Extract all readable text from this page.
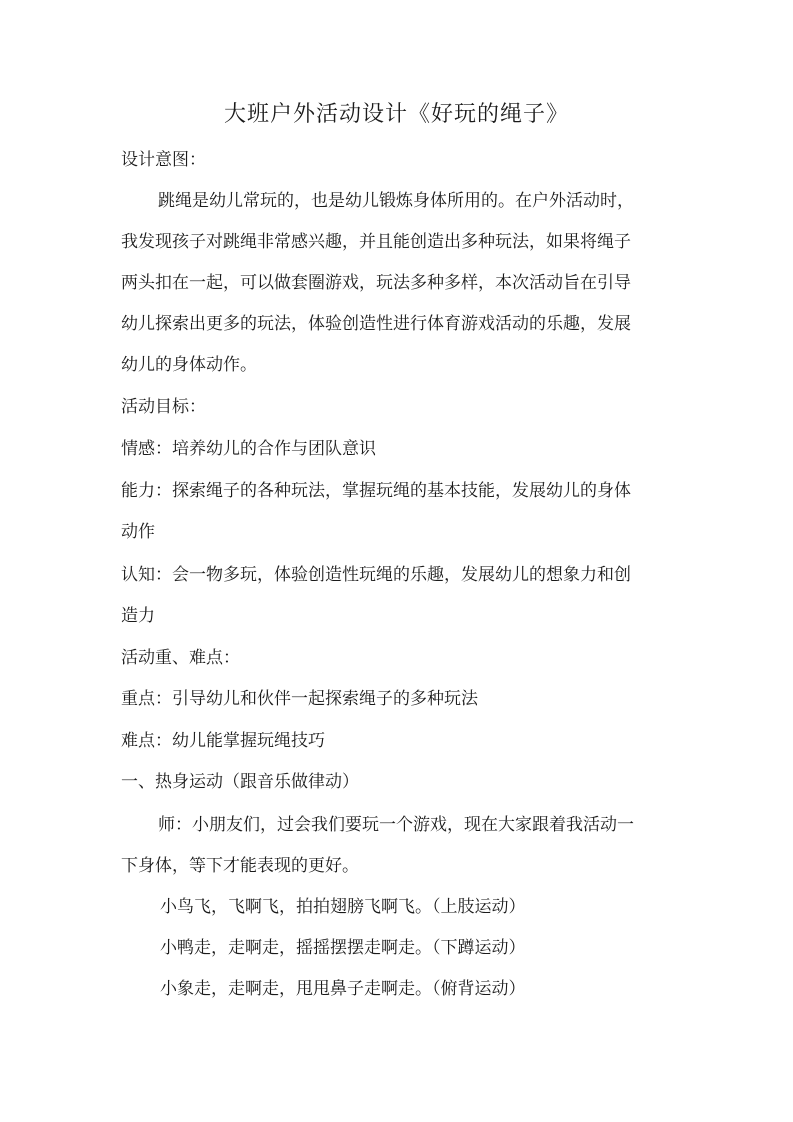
大班户外活动设计《好玩的绳子》
设计意图：
跳绳是幼儿常玩的，也是幼儿锻炼身体所用的。在户外活动时，
我发现孩子对跳绳非常感兴趣，并且能创造出多种玩法，如果将绳子
两头扣在一起，可以做套圈游戏，玩法多种多样，本次活动旨在引导
幼儿探索出更多的玩法，体验创造性进行体育游戏活动的乐趣，发展
幼儿的身体动作。
活动目标：
情感：培养幼儿的合作与团队意识
能力：探索绳子的各种玩法，掌握玩绳的基本技能，发展幼儿的身体
动作
认知：会一物多玩，体验创造性玩绳的乐趣，发展幼儿的想象力和创
造力
活动重、难点：
重点：引导幼儿和伙伴一起探索绳子的多种玩法
难点：幼儿能掌握玩绳技巧
一、热身运动（跟音乐做律动）
师：小朋友们，过会我们要玩一个游戏，现在大家跟着我活动一
下身体，等下才能表现的更好。
小鸟飞，飞啊飞，拍拍翅膀飞啊飞。（上肢运动）
小鸭走，走啊走，摇摇摆摆走啊走。（下蹲运动）
小象走，走啊走，甩甩鼻子走啊走。（俯背运动）
